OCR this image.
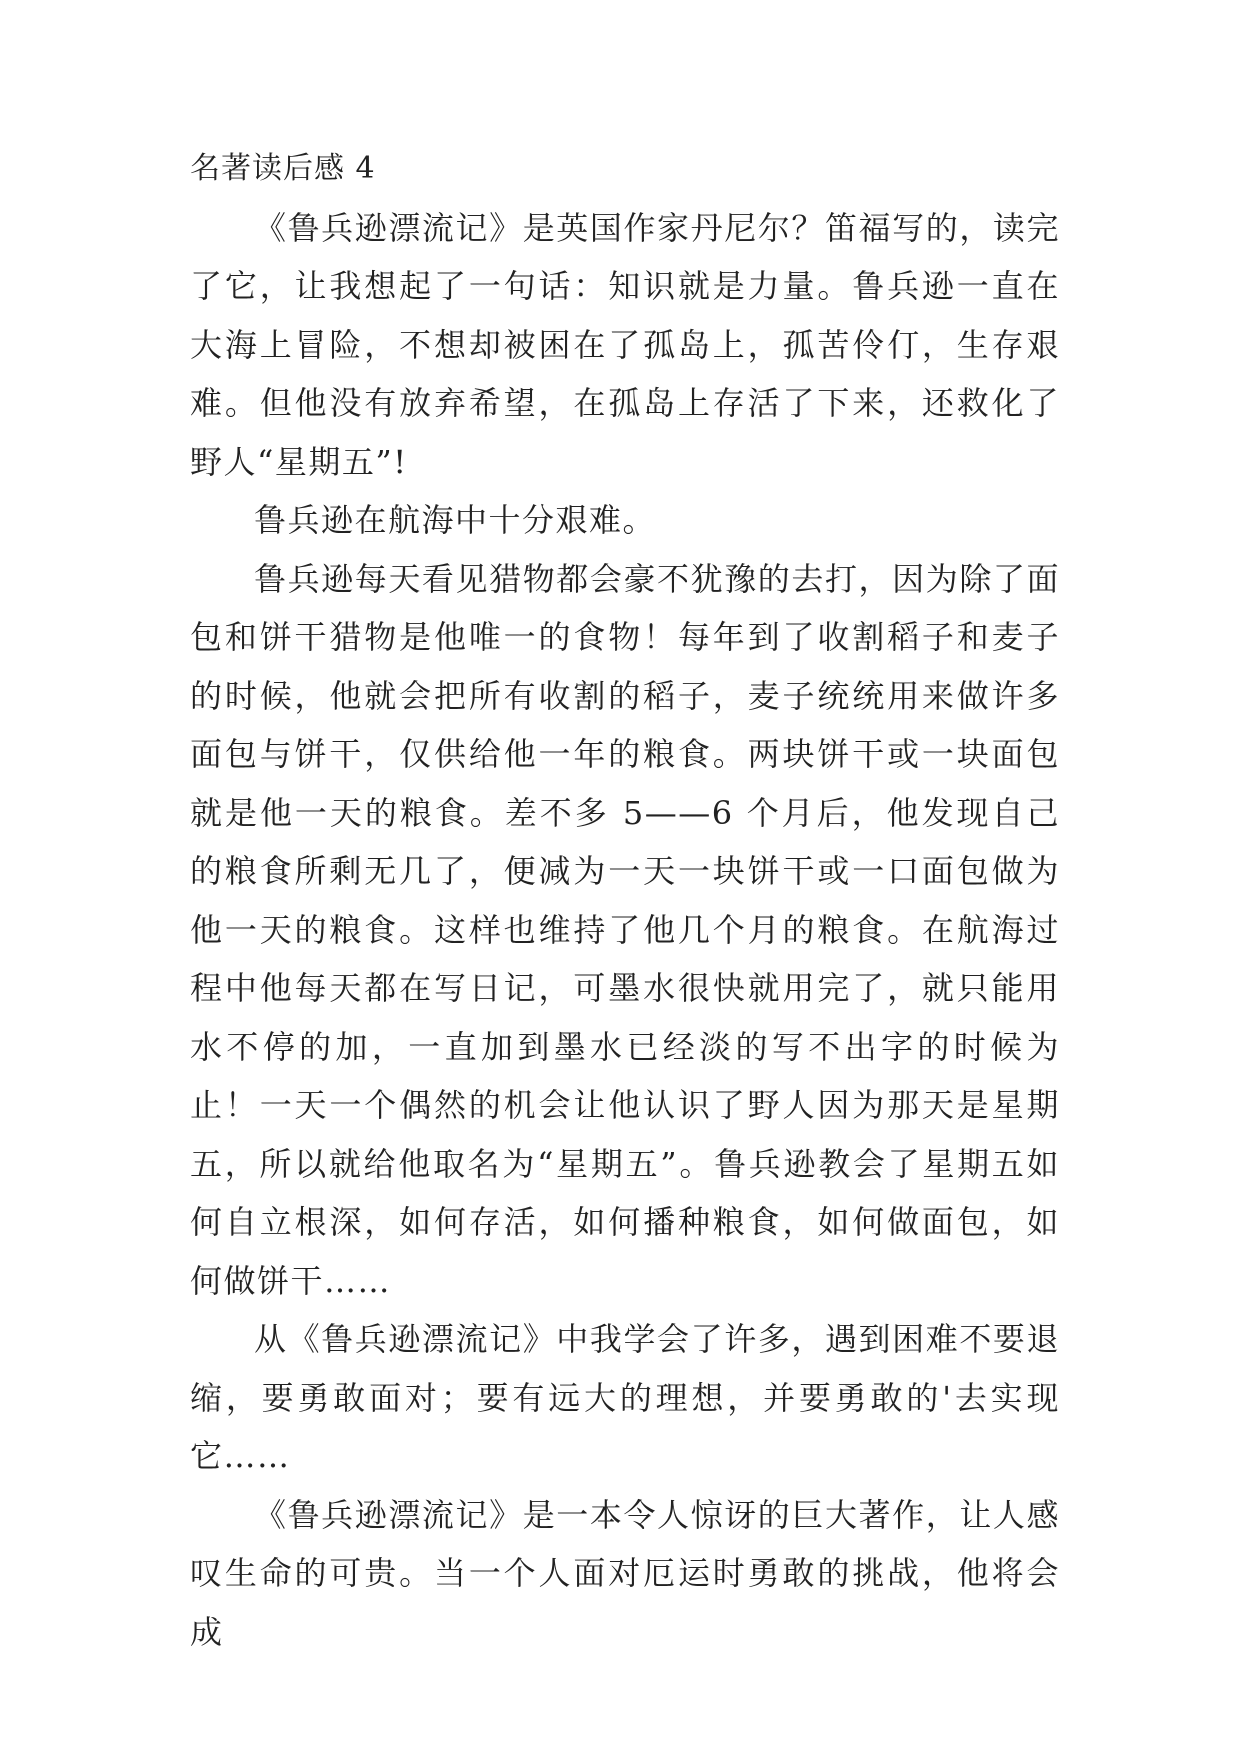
名著读后感 4

《鲁兵逊漂流记》是英国作家丹尼尔？笛福写的，读完了它，让我想起了一句话：知识就是力量。鲁兵逊一直在大海上冒险，不想却被困在了孤岛上，孤苦伶仃，生存艰难。但他没有放弃希望，在孤岛上存活了下来，还救化了野人“星期五”!

鲁兵逊在航海中十分艰难。

鲁兵逊每天看见猎物都会豪不犹豫的去打，因为除了面包和饼干猎物是他唯一的食物！每年到了收割稻子和麦子的时候，他就会把所有收割的稻子，麦子统统用来做许多面包与饼干，仅供给他一年的粮食。两块饼干或一块面包就是他一天的粮食。差不多 5——6 个月后，他发现自己的粮食所剩无几了，便减为一天一块饼干或一口面包做为他一天的粮食。这样也维持了他几个月的粮食。在航海过程中他每天都在写日记，可墨水很快就用完了，就只能用水不停的加，一直加到墨水已经淡的写不出字的时候为止！一天一个偶然的机会让他认识了野人因为那天是星期五，所以就给他取名为“星期五”。鲁兵逊教会了星期五如何自立根深，如何存活，如何播种粮食，如何做面包，如何做饼干……

从《鲁兵逊漂流记》中我学会了许多，遇到困难不要退缩，要勇敢面对；要有远大的理想，并要勇敢的'去实现它……

《鲁兵逊漂流记》是一本令人惊讶的巨大著作，让人感叹生命的可贵。当一个人面对厄运时勇敢的挑战，他将会成
